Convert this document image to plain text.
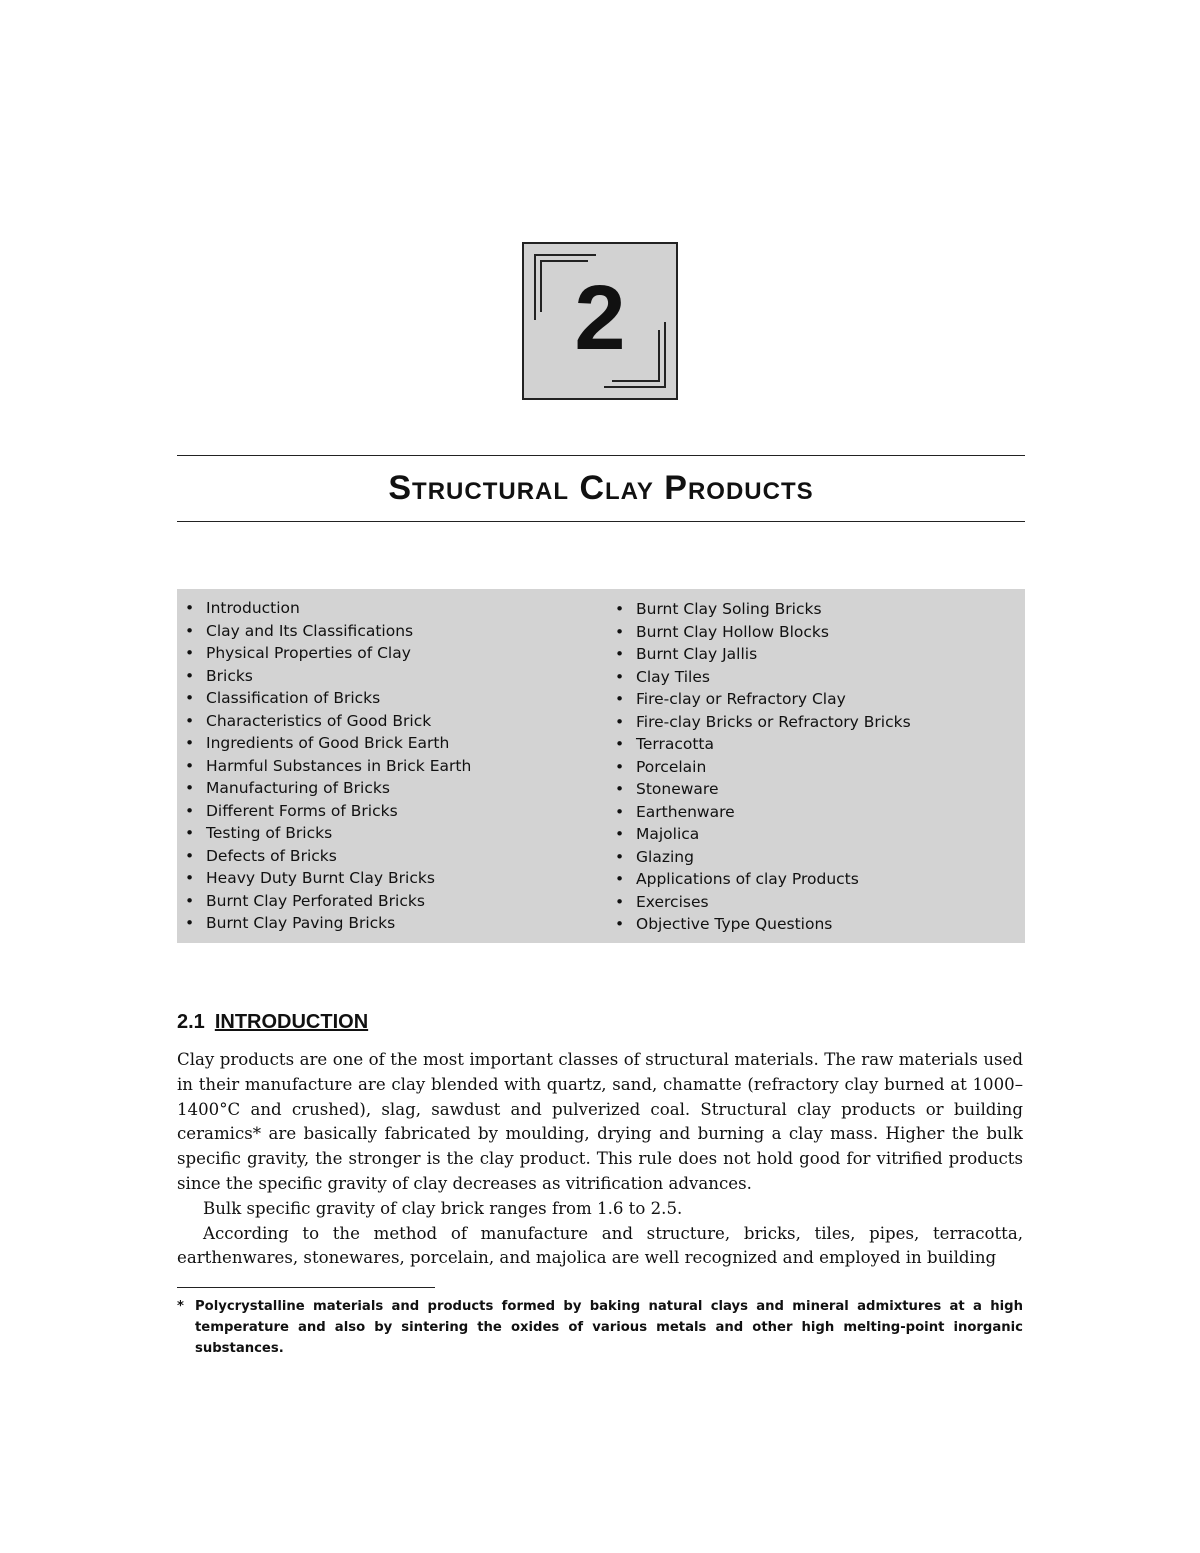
2
Structural Clay Products
• Introduction
• Clay and Its Classifications
• Physical Properties of Clay
• Bricks
• Classification of Bricks
• Characteristics of Good Brick
• Ingredients of Good Brick Earth
• Harmful Substances in Brick Earth
• Manufacturing of Bricks
• Different Forms of Bricks
• Testing of Bricks
• Defects of Bricks
• Heavy Duty Burnt Clay Bricks
• Burnt Clay Perforated Bricks
• Burnt Clay Paving Bricks
• Burnt Clay Soling Bricks
• Burnt Clay Hollow Blocks
• Burnt Clay Jallis
• Clay Tiles
• Fire-clay or Refractory Clay
• Fire-clay Bricks or Refractory Bricks
• Terracotta
• Porcelain
• Stoneware
• Earthenware
• Majolica
• Glazing
• Applications of clay Products
• Exercises
• Objective Type Questions
2.1 INTRODUCTION

Clay products are one of the most important classes of structural materials. The raw materials used in their manufacture are clay blended with quartz, sand, chamatte (refractory clay burned at 1000–1400°C and crushed), slag, sawdust and pulverized coal. Structural clay products or building ceramics* are basically fabricated by moulding, drying and burning a clay mass. Higher the bulk specific gravity, the stronger is the clay product. This rule does not hold good for vitrified products since the specific gravity of clay decreases as vitrification advances.

Bulk specific gravity of clay brick ranges from 1.6 to 2.5.

According to the method of manufacture and structure, bricks, tiles, pipes, terracotta, earthenwares, stonewares, porcelain, and majolica are well recognized and employed in building

* Polycrystalline materials and products formed by baking natural clays and mineral admixtures at a high temperature and also by sintering the oxides of various metals and other high melting-point inorganic substances.
